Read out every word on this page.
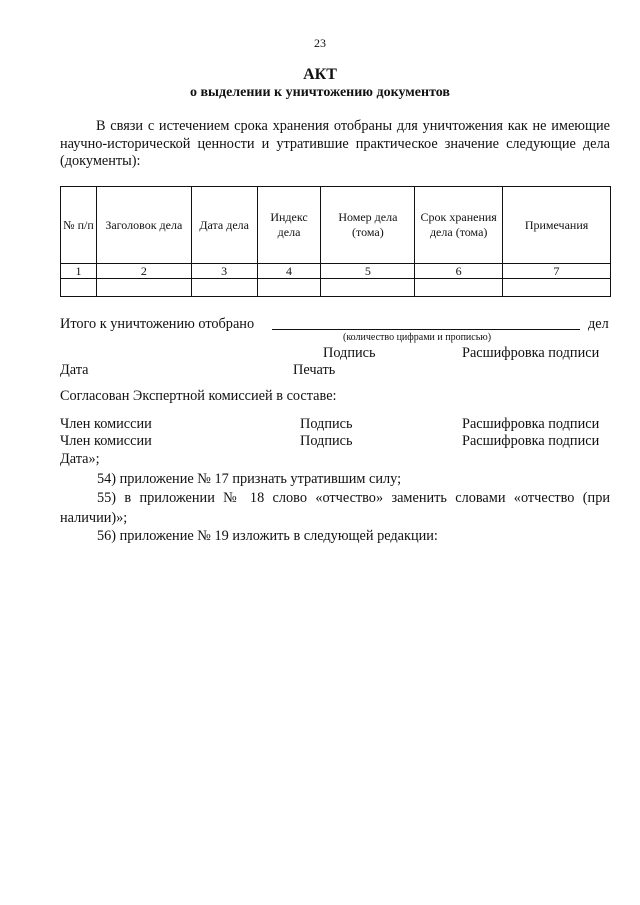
23
АКТ
о выделении к уничтожению документов
В связи с истечением срока хранения отобраны для уничтожения как не имеющие научно-исторической ценности и утратившие практическое значение следующие дела (документы):
№ п/п	Заголовок дела	Дата дела	Индекс дела	Номер дела (тома)	Срок хранения дела (тома)	Примечания
1	2	3	4	5	6	7

Итого к уничтожению отобрано	дел
(количество цифрами и прописью)
Подпись	Расшифровка подписи
Дата	Печать
Согласован Экспертной комиссией в составе:
Член комиссии	Подпись	Расшифровка подписи
Член комиссии	Подпись	Расшифровка подписи
Дата»;
54) приложение № 17 признать утратившим силу;
55) в приложении № 18 слово «отчество» заменить словами «отчество (при наличии)»;
56) приложение № 19 изложить в следующей редакции:
